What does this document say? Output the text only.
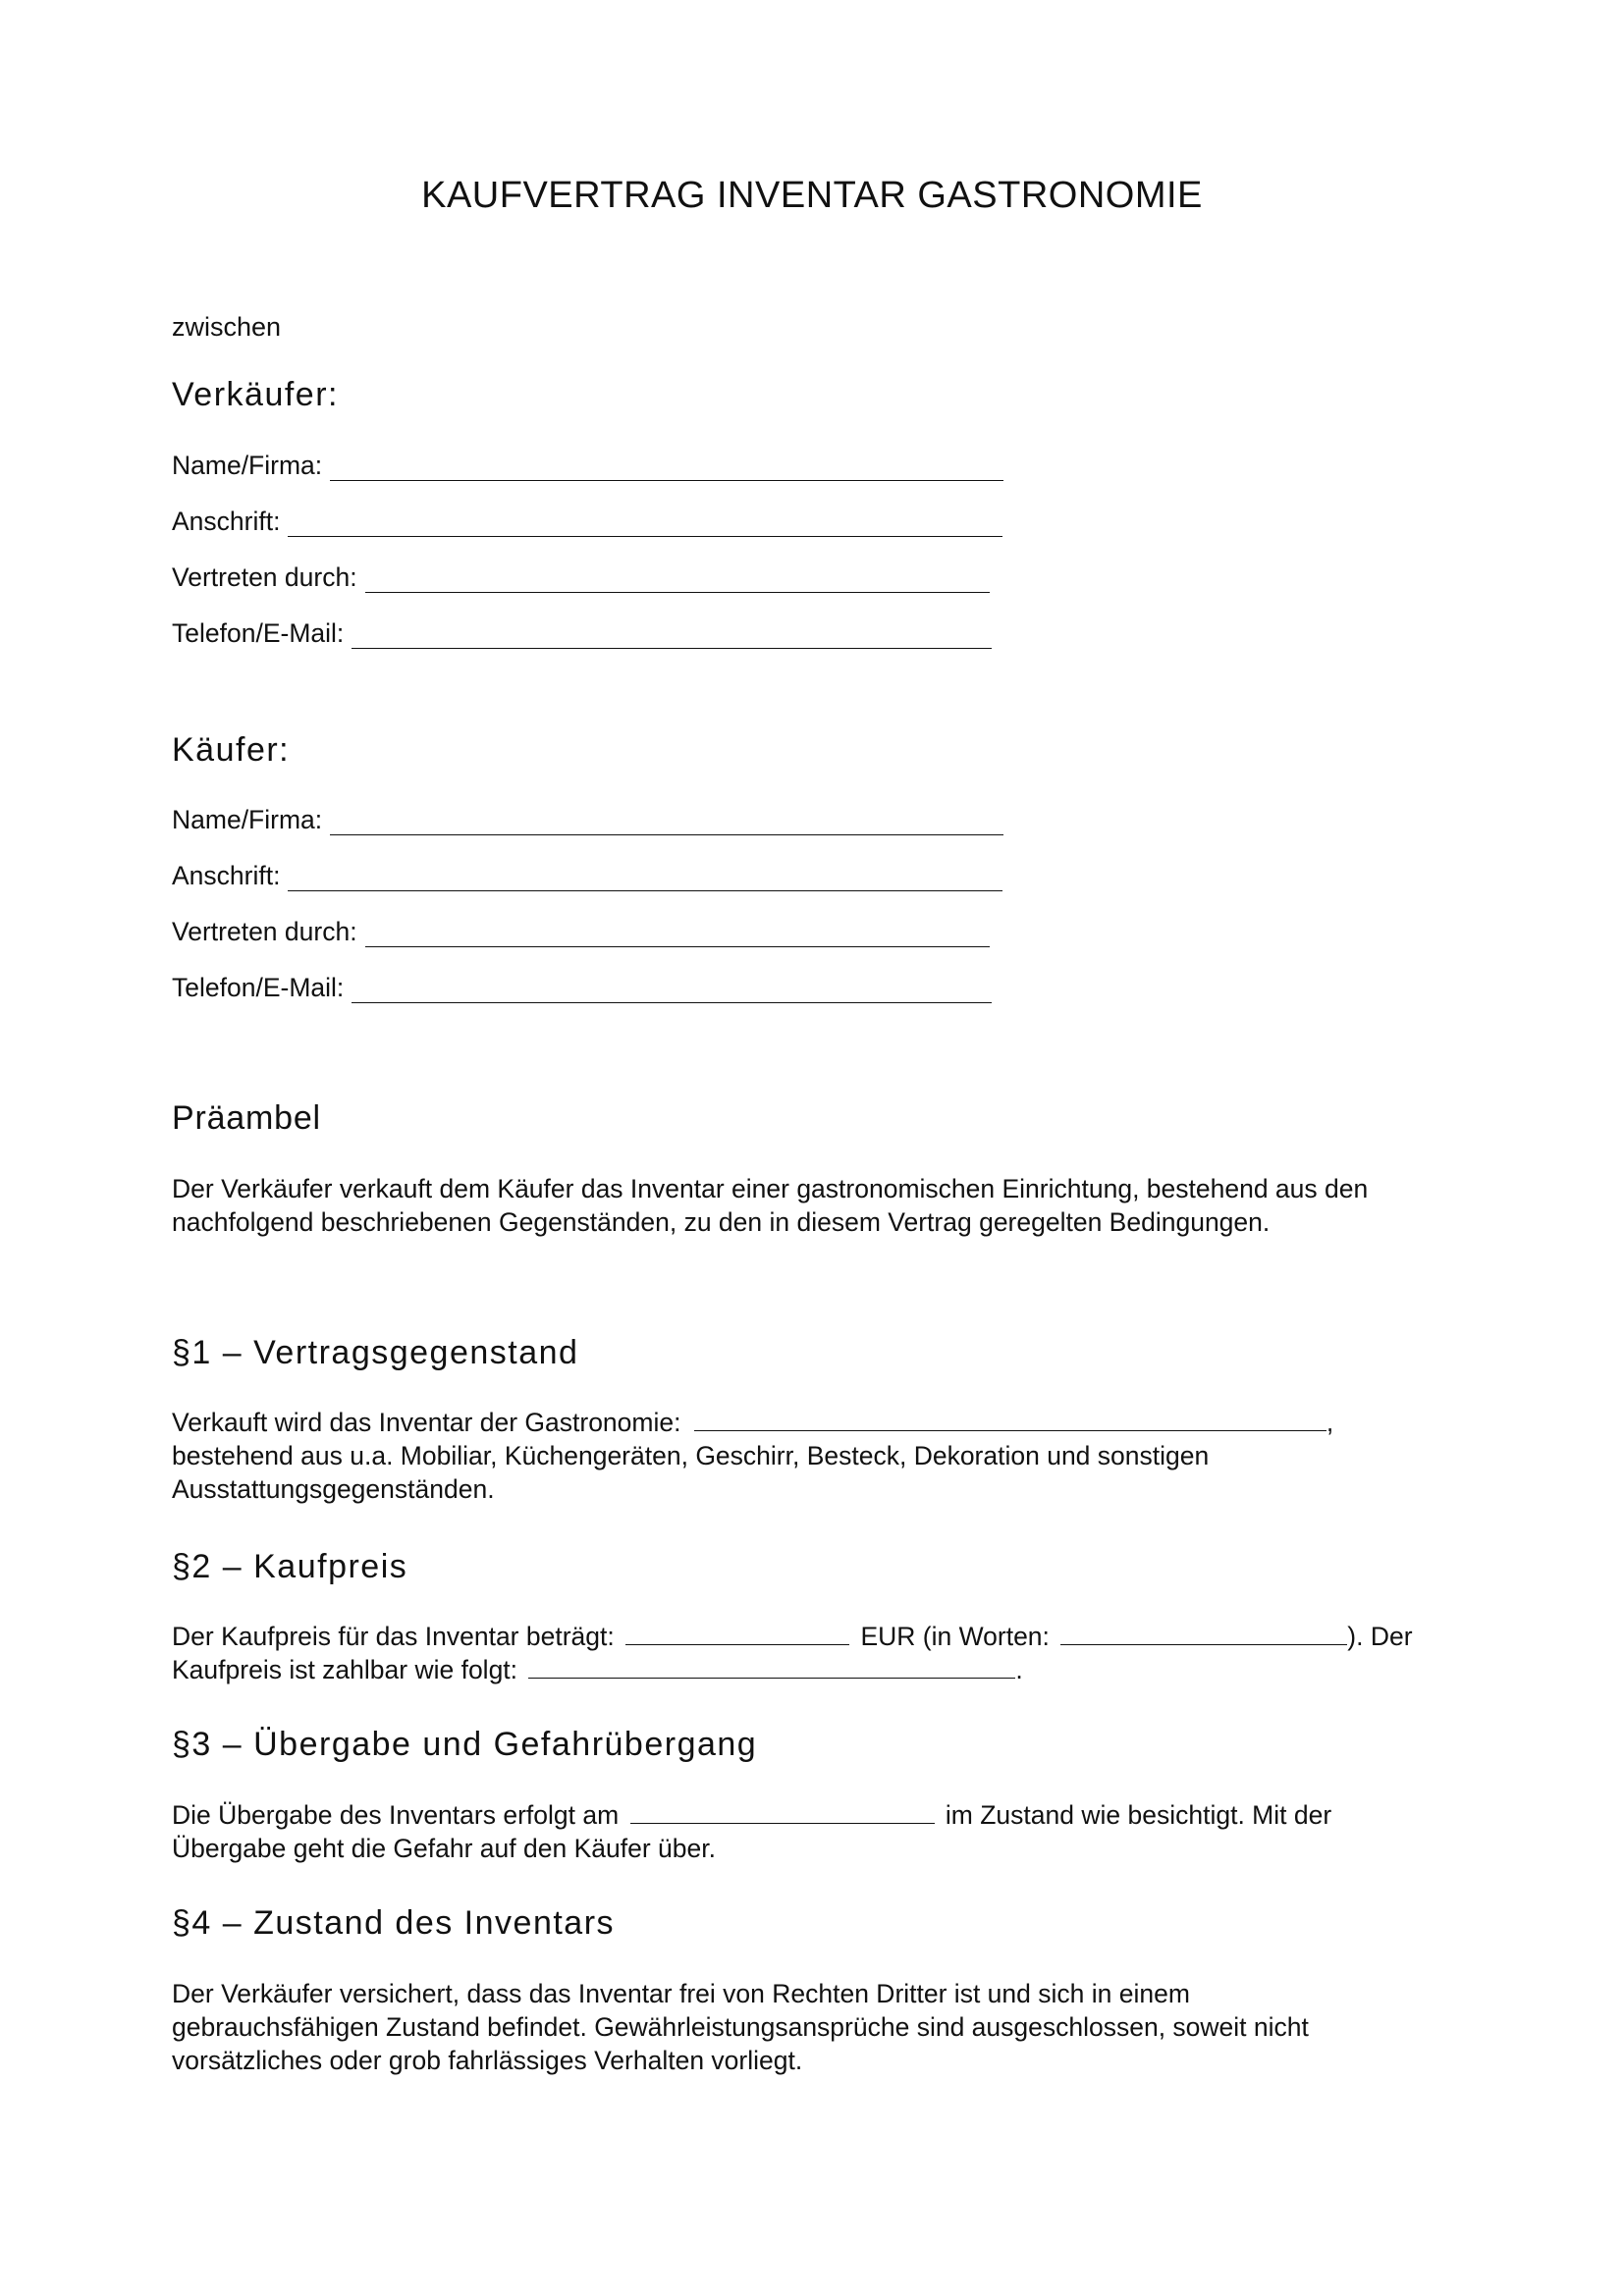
KAUFVERTRAG INVENTAR GASTRONOMIE
zwischen
Verkäufer:
Name/Firma:
Anschrift:
Vertreten durch:
Telefon/E-Mail:
Käufer:
Name/Firma:
Anschrift:
Vertreten durch:
Telefon/E-Mail:
Präambel

Der Verkäufer verkauft dem Käufer das Inventar einer gastronomischen Einrichtung, bestehend aus den

nachfolgend beschriebenen Gegenständen, zu den in diesem Vertrag geregelten Bedingungen.

§1 – Vertragsgegenstand

Verkauft wird das Inventar der Gastronomie:	,

bestehend aus u.a. Mobiliar, Küchengeräten, Geschirr, Besteck, Dekoration und sonstigen

Ausstattungsgegenständen.

§2 – Kaufpreis

Der Kaufpreis für das Inventar beträgt:	EUR (in Worten:	). Der

Kaufpreis ist zahlbar wie folgt:	.

§3 – Übergabe und Gefahrübergang

Die Übergabe des Inventars erfolgt am	im Zustand wie besichtigt. Mit der

Übergabe geht die Gefahr auf den Käufer über.

§4 – Zustand des Inventars

Der Verkäufer versichert, dass das Inventar frei von Rechten Dritter ist und sich in einem

gebrauchsfähigen Zustand befindet. Gewährleistungsansprüche sind ausgeschlossen, soweit nicht

vorsätzliches oder grob fahrlässiges Verhalten vorliegt.
